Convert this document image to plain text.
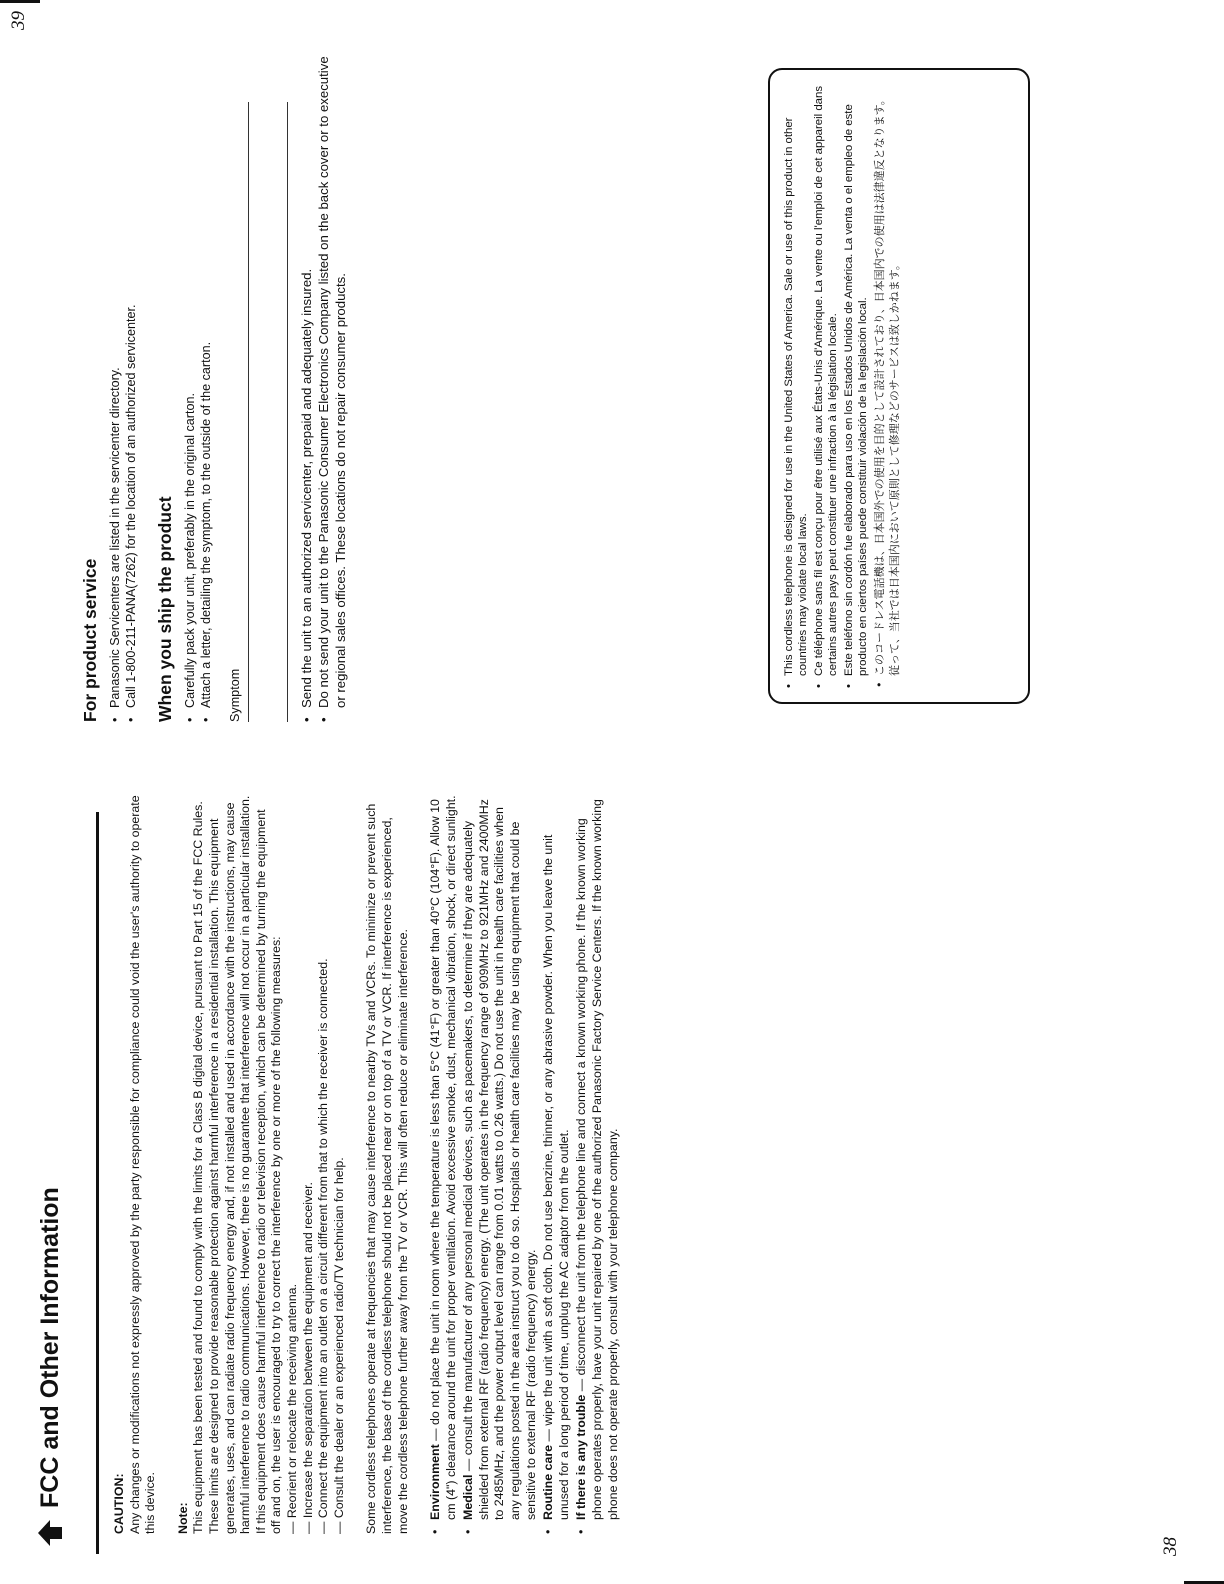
FCC and Other Information	CAUTION: Any changes or modifications not expressly approved by the party responsible for compliance could void the user's authority to operate this device. Note: This equipment has been tested and found to comply with the limits for a Class B digital device, pursuant to Part 15 of the FCC Rules. These limits are designed to provide reasonable protection against harmful interference in a residential installation. This equipment generates, uses, and can radiate radio frequency energy and, if not installed and used in accordance with the instructions, may cause harmful interference to radio communications. However, there is no guarantee that interference will not occur in a particular installation. If this equipment does cause harmful interference to radio or television reception, which can be determined by turning the equipment off and on, the user is encouraged to try to correct the interference by one or more of the following measures: — Reorient or relocate the receiving antenna. — Increase the separation between the equipment and receiver. — Connect the equipment into an outlet on a circuit different from that to which the receiver is connected. — Consult the dealer or an experienced radio/TV technician for help. Some cordless telephones operate at frequencies that may cause interference to nearby TVs and VCRs. To minimize or prevent such interference, the base of the cordless telephone should not be placed near or on top of a TV or VCR. If interference is experienced, move the cordless telephone further away from the TV or VCR. This will often reduce or eliminate interference. • Environment — do not place the unit in room where the temperature is less than 5°C (41°F) or greater than 40°C (104°F). Allow 10 cm (4") clearance around the unit for proper ventilation. Avoid excessive smoke, dust, mechanical vibration, shock, or direct sunlight. • Medical — consult the manufacturer of any personal medical devices, such as pacemakers, to determine if they are adequately shielded from external RF (radio frequency) energy. (The unit operates in the frequency range of 909MHz to 921MHz and 2400MHz to 2485MHz, and the power output level can range from 0.01 watts to 0.26 watts.) Do not use the unit in health care facilities when any regulations posted in the area instruct you to do so. Hospitals or health care facilities may be using equipment that could be sensitive to external RF (radio frequency) energy. • Routine care — wipe the unit with a soft cloth. Do not use benzine, thinner, or any abrasive powder. When you leave the unit unused for a long period of time, unplug the AC adaptor from the outlet. • If there is any trouble — disconnect the unit from the telephone line and connect a known working phone. If the known working phone operates properly, have your unit repaired by one of the authorized Panasonic Factory Service Centers. If the known working phone does not operate properly, consult with your telephone company.
38
For product service • Panasonic Servicenters are listed in the servicenter directory. • Call 1-800-211-PANA(7262) for the location of an authorized servicenter. When you ship the product • Carefully pack your unit, preferably in the original carton. • Attach a letter, detailing the symptom, to the outside of the carton. Symptom	• Send the unit to an authorized servicenter, prepaid and adequately insured. • Do not send your unit to the Panasonic Consumer Electronics Company listed on the back cover or to executive or regional sales offices. These locations do not repair consumer products.	• This cordless telephone is designed for use in the United States of America. Sale or use of this product in other countries may violate local laws. • Ce téléphone sans fil est conçu pour être utilisé aux États-Unis d'Amérique. La vente ou l'emploi de cet appareil dans certains autres pays peut constituer une infraction à la législation locale. • Este teléfono sin cordón fue elaborado para uso en los Estados Unidos de América. La venta o el empleo de este producto en ciertos países puede constituir violación de la legislación local. • このコードレス電話機は、日本国外での使用を目的として設計されており、日本国内での使用は法律違反となります。従って、当社では日本国内において原則として修理などのサービスは致しかねます。
39
